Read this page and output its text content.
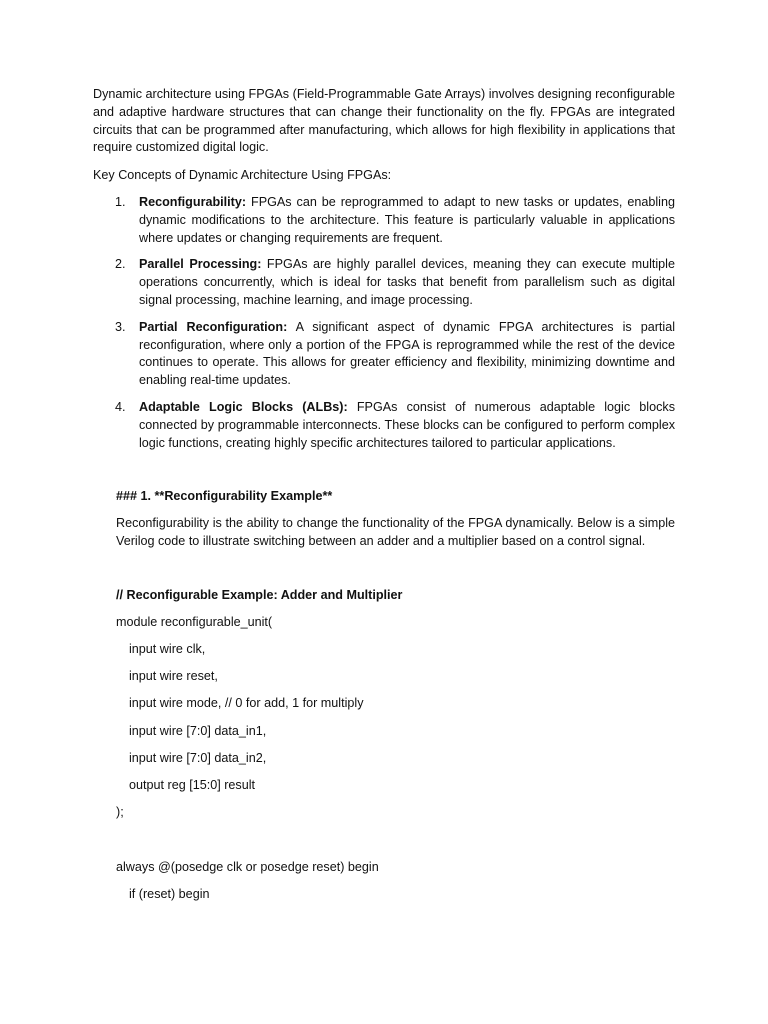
Dynamic architecture using FPGAs (Field-Programmable Gate Arrays) involves designing reconfigurable and adaptive hardware structures that can change their functionality on the fly. FPGAs are integrated circuits that can be programmed after manufacturing, which allows for high flexibility in applications that require customized digital logic.

Key Concepts of Dynamic Architecture Using FPGAs:

1. Reconfigurability: FPGAs can be reprogrammed to adapt to new tasks or updates, enabling dynamic modifications to the architecture. This feature is particularly valuable in applications where updates or changing requirements are frequent.
2. Parallel Processing: FPGAs are highly parallel devices, meaning they can execute multiple operations concurrently, which is ideal for tasks that benefit from parallelism such as digital signal processing, machine learning, and image processing.
3. Partial Reconfiguration: A significant aspect of dynamic FPGA architectures is partial reconfiguration, where only a portion of the FPGA is reprogrammed while the rest of the device continues to operate. This allows for greater efficiency and flexibility, minimizing downtime and enabling real-time updates.
4. Adaptable Logic Blocks (ALBs): FPGAs consist of numerous adaptable logic blocks connected by programmable interconnects. These blocks can be configured to perform complex logic functions, creating highly specific architectures tailored to particular applications.

### 1. **Reconfigurability Example**

Reconfigurability is the ability to change the functionality of the FPGA dynamically. Below is a simple Verilog code to illustrate switching between an adder and a multiplier based on a control signal.

// Reconfigurable Example: Adder and Multiplier

module reconfigurable_unit(

input wire clk,

input wire reset,

input wire mode, // 0 for add, 1 for multiply

input wire [7:0] data_in1,

input wire [7:0] data_in2,

output reg [15:0] result

);

always @(posedge clk or posedge reset) begin

if (reset) begin
